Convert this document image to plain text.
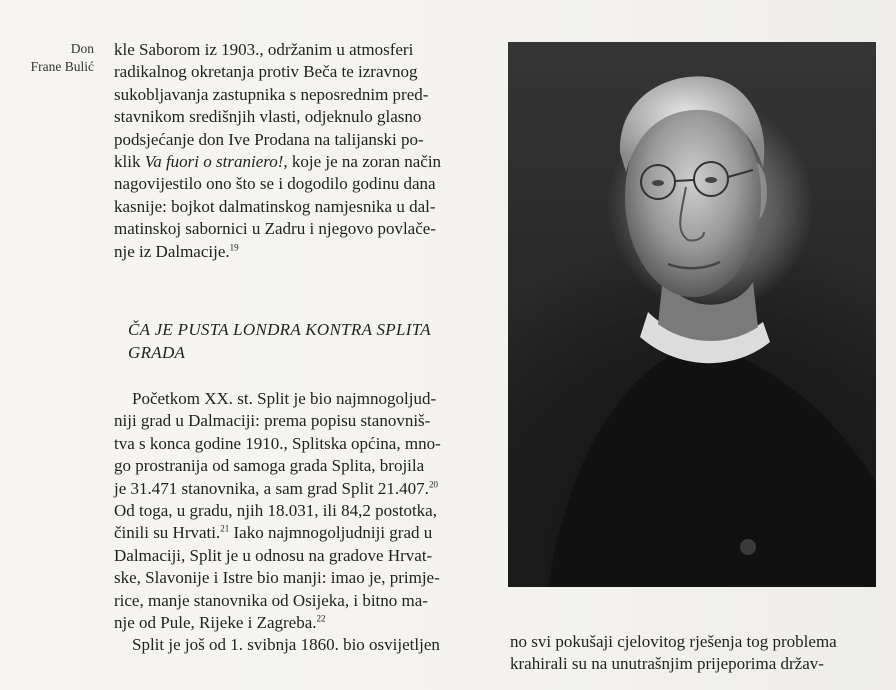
Don
Frane Bulić

kle Saborom iz 1903., održanim u atmosferi

radikalnog okretanja protiv Beča te izravnog

sukobljavanja zastupnika s neposrednim pred-

stavnikom središnjih vlasti, odjeknulo glasno

podsjećanje don Ive Prodana na talijanski po-

klik Va fuori o straniero!, koje je na zoran način

nagovijestilo ono što se i dogodilo godinu dana

kasnije: bojkot dalmatinskog namjesnika u dal-

matinskoj sabornici u Zadru i njegovo povlače-

nje iz Dalmacije.$^{19}$

ČA JE PUSTA LONDRA KONTRA SPLITA
GRADA

Početkom XX. st. Split je bio najmnogoljud-

niji grad u Dalmaciji: prema popisu stanovniš-

tva s konca godine 1910., Splitska općina, mno-

go prostranija od samoga grada Splita, brojila

je 31.471 stanovnika, a sam grad Split 21.407.20

Od toga, u gradu, njih 18.031, ili 84,2 postotka,

činili su Hrvati.$^{21}$ Iako najmnogoljudniji grad u

Dalmaciji, Split je u odnosu na gradove Hrvat-

ske, Slavonije i Istre bio manji: imao je, primje-

rice, manje stanovnika od Osijeka, i bitno ma-

nje od Pule, Rijeke i Zagreba.$^{22}$

Split je još od 1. svibnja 1860. bio osvijetljen	no svi pokušaji cjelovitog rješenja tog problema

krahirali su na unutrašnjim prijeporima držav-
